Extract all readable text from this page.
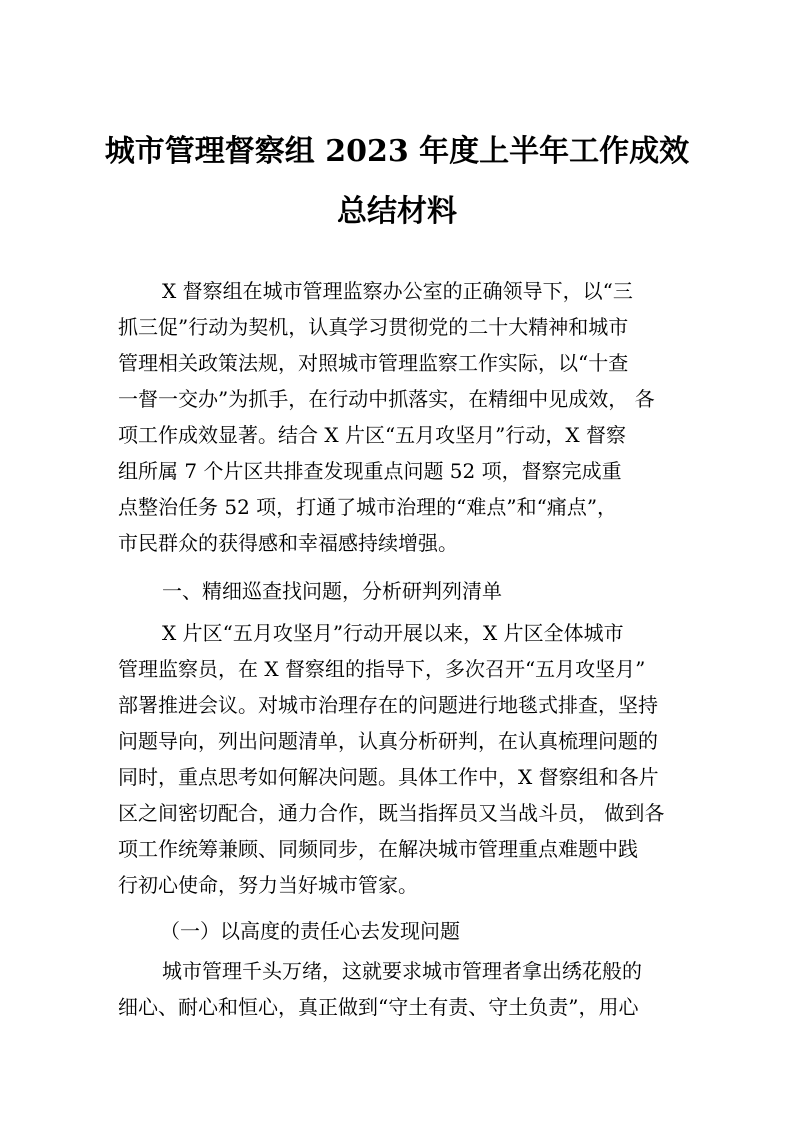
城市管理督察组 2023 年度上半年工作成效
总结材料
X 督察组在城市管理监察办公室的正确领导下，以“三
抓三促”行动为契机，认真学习贯彻党的二十大精神和城市
管理相关政策法规，对照城市管理监察工作实际，以“十查
一督一交办”为抓手，在行动中抓落实，在精细中见成效， 各
项工作成效显著。结合 X 片区“五月攻坚月”行动，X 督察
组所属 7 个片区共排查发现重点问题 52 项，督察完成重
点整治任务 52 项，打通了城市治理的“难点”和“痛点”，
市民群众的获得感和幸福感持续增强。
一、精细巡查找问题，分析研判列清单
X 片区“五月攻坚月”行动开展以来，X 片区全体城市
管理监察员，在 X 督察组的指导下，多次召开“五月攻坚月”
部署推进会议。对城市治理存在的问题进行地毯式排查，坚持
问题导向，列出问题清单，认真分析研判，在认真梳理问题的
同时，重点思考如何解决问题。具体工作中，X 督察组和各片
区之间密切配合，通力合作，既当指挥员又当战斗员， 做到各
项工作统筹兼顾、同频同步，在解决城市管理重点难题中践
行初心使命，努力当好城市管家。
（一）以高度的责任心去发现问题
城市管理千头万绪，这就要求城市管理者拿出绣花般的
细心、耐心和恒心，真正做到“守土有责、守土负责”，用心
